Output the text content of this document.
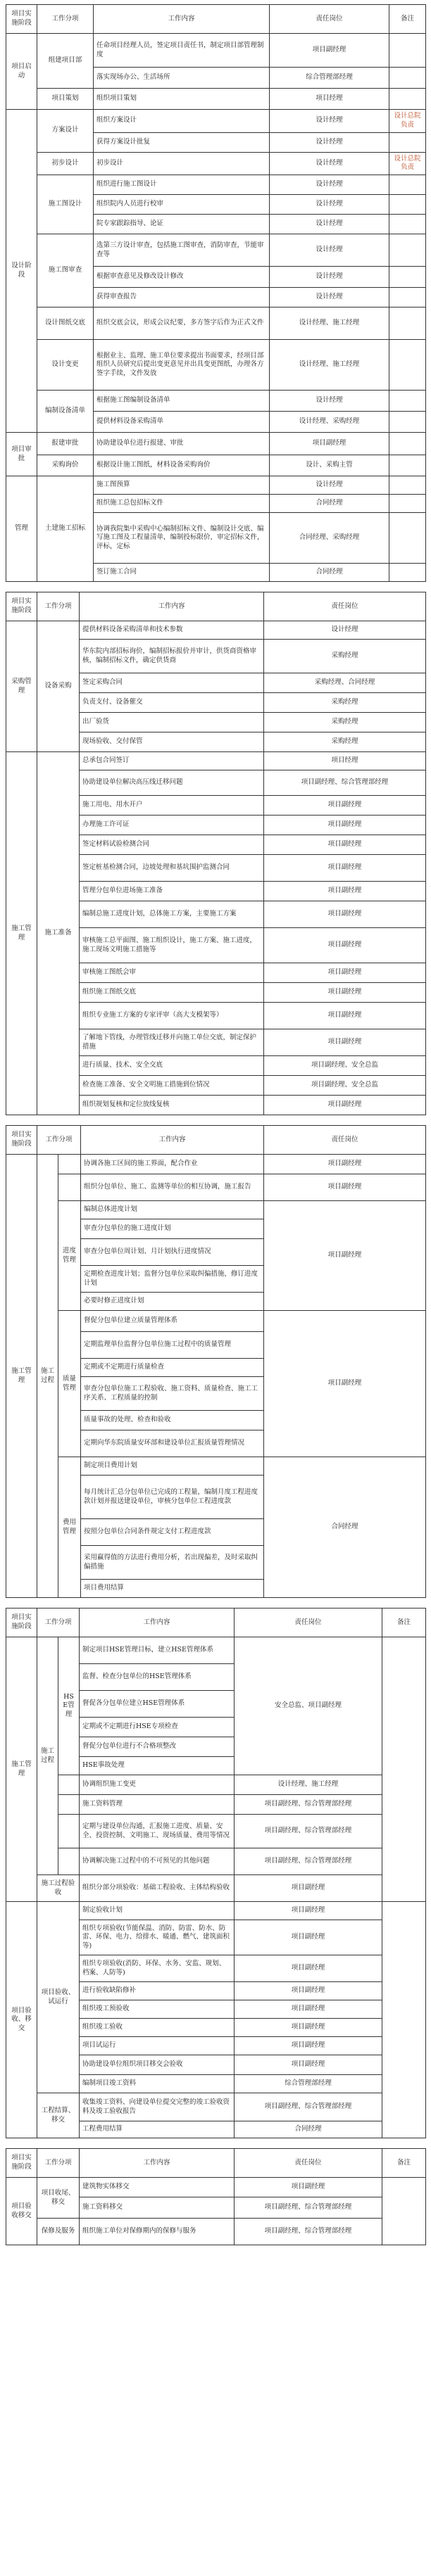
项目实施阶段	工作分项	工作内容	责任岗位	备注
项目启动	组建项目部	任命项目经理人员，签定项目责任书，制定项目部管理制度	项目副经理	
		落实现场办公、生活场所	综合管理部经理	
	项目策划	组织项目策划	项目经理	
设计阶段	方案设计	组织方案设计	设计经理	设计总院负责
		获得方案设计批复	设计经理	
	初步设计	初步设计	设计经理	设计总院负责
	施工图设计	组织进行施工图设计	设计经理	
		组织院内人员进行校审	设计经理	
		院专家跟踪指导、论证	设计经理	
	施工图审查	选第三方设计审查，包括施工图审查，消防审查，节能审查等	设计经理	
		根据审查意见及修改设计修改	设计经理	
		获得审查报告	设计经理	
	设计图纸交底	组织交底会议，形成会议纪要，多方签字后作为正式文件	设计经理、施工经理	
	设计变更	根据业主、监理、施工单位要求提出书面要求，经项目部组织人员研究后提出变更意见并出具变更图纸，办理各方签字手续，文件发放	设计经理、施工经理	
	编制设备清单	根据施工图编制设备清单	设计经理	
		提供材料设备采购清单	设计经理、采购经理	
项目审批	报建审批	协助建设单位进行报建、审批	项目副经理	
	采购询价	根据设计施工图纸，材料设备采购询价	设计、采购主管	
管理	土建施工招标	施工图预算	设计经理	
		组织施工总包招标文件	合同经理	
		协调我院集中采购中心编制招标文件、编制设计交底、编写施工图及工程量清单，编制投标限价，审定招标文件，评标，定标	合同经理、采购经理	
		签订施工合同	合同经理	
项目实施阶段	工作分项	工作内容	责任岗位
采购管理	设备采购	提供材料设备采购清单和技术参数	设计经理
		华东院内部招标询价，编制招标报价并审计，供货商资格审核，编制招标文件，确定供货商	采购经理
		签定采购合同	采购经理、合同经理
		负责支付、设备催交	采购经理
		出厂验货	采购经理
		现场验收、交付保管	采购经理
施工管理	施工准备	总承包合同签订	项目经理
		协助建设单位解决高压线迁移问题	项目副经理、综合管理部经理
		施工用电、用水开户	项目副经理
		办理施工许可证	项目副经理
		签定材料试验检测合同	项目副经理
		签定桩基检测合同，边坡处理和基坑围护监测合同	项目副经理
		管理分包单位进场施工准备	项目副经理
		编制总施工进度计划，总体施工方案，主要施工方案	项目副经理
		审核施工总平面图、施工组织设计，施工方案、施工进度，施工现场文明施工措施等	项目副经理
		审核施工图纸会审	项目副经理
		组织施工图纸交底	项目副经理
		组织专业施工方案的专家评审（高大支模架等）	项目副经理
		了解地下管线，办理管线迁移并向施工单位交底，制定保护措施	项目副经理
		进行质量、技术、安全交底	项目副经理、安全总监
		检查施工准备、安全文明施工措施到位情况	项目副经理、安全总监
		组织规划复核和定位放线复核	项目副经理
项目实施阶段	工作分项		工作内容	责任岗位
施工管理	施工过程		协调各施工区间的施工界面，配合作业	项目副经理
			组织分包单位、施工、监测等单位的相互协调，施工报告	项目副经理
		进度管理	编制总体进度计划	项目副经理
			审查分包单位的施工进度计划	
			审查分包单位周计划、月计划执行进度情况	
			定期检查进度计划；监督分包单位采取纠偏措施，修订进度计划	
			必要时修正进度计划	
		质量管理	督促分包单位建立质量管理体系	项目副经理
			定期监理单位监督分包单位施工过程中的质量管理	
			定期或不定期进行质量检查	
			审查分包单位施工工程验收、施工资料、质量检查、施工工序关系、工程质量的控制	
			质量事故的处理、检查和验收	
			定期向华东院质量安环部和建设单位汇报质量管理情况	
		费用管理	制定项目费用计划	合同经理
			每月统计汇总分包单位已完成的工程量，编制月度工程进度款计划并报送建设单位，审核分包单位工程进度款	
			按照分包单位合同条件规定支付工程进度款	
			采用赢得值的方法进行费用分析，若出现偏差，及时采取纠偏措施	
			项目费用结算	
项目实施阶段	工作分项		工作内容	责任岗位	备注
施工管理	施工过程	HSE管理	制定项目HSE管理目标，建立HSE管理体系	安全总监、项目副经理	
			监督、检查分包单位的HSE管理体系		
			督促各分包单位建立HSE管理体系		
			定期或不定期进行HSE专项检查		
			督促分包单位进行不合格项整改		
			HSE事故处理		
			协调组织施工变更	设计经理、施工经理	
			施工资料管理	项目副经理、综合管理部经理	
			定期与建设单位沟通，汇报施工进度、质量、安全、投资控制、文明施工、现场质量、费用等情况	项目副经理、综合管理部经理	
			协调解决施工过程中的不可预见的其他问题	项目副经理、综合管理部经理	
	施工过程验收		组织分部分项验收：基础工程验收、主体结构验收	项目副经理	
项目验收、移交	项目验收、试运行		制定验收计划	项目副经理	
			组织专项验收(节能保温、消防、防雷、防水、防雷、环保、电力、给排水、暖通、燃气、建筑面积等)	项目副经理	
			组织专项验收(消防、环保、水务、安监、规划、档案、人防等)	项目副经理	
			进行验收缺陷修补	项目副经理	
			组织竣工预验收	项目副经理	
			组织竣工验收	项目副经理	
			项目试运行	项目副经理	
			协助建设单位组织项目移交会验收	项目副经理	
			编制项目竣工资料	综合管理部经理	
	工程结算、移交		收集竣工资料、向建设单位提交完整的竣工验收资料及竣工验收报告	项目副经理、综合管理部经理	
			工程费用结算	合同经理	
项目实施阶段	工作分项	工作内容	责任岗位	备注
项目验收移交	项目收尾、移交	建筑物实体移交	项目副经理	
		施工资料移交	项目副经理、综合管理部经理	
	保修及服务	组织施工单位对保修期内的保修与服务	项目副经理、综合管理部经理	
